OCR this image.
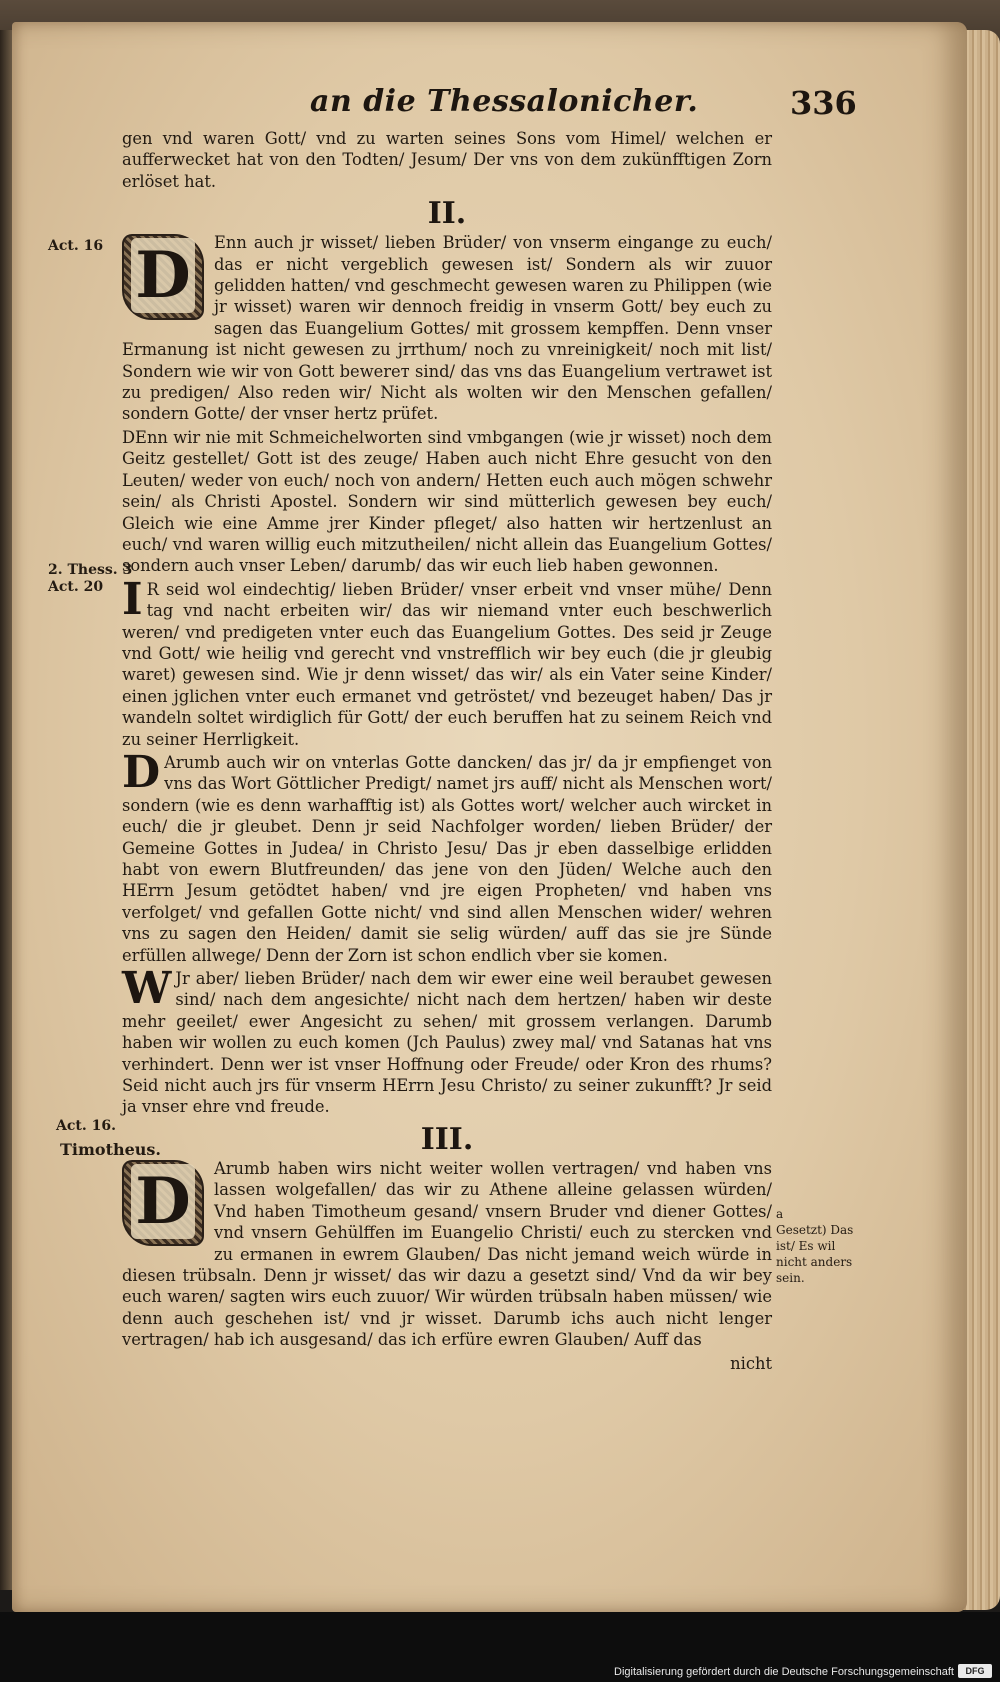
an die Thessalonicher.	336

gen vnd waren Gott/ vnd zu warten seines Sons vom Himel/ welchen er aufferwecket hat von den Todten/ Jesum/ Der vns von dem zukünfftigen Zorn erlöset hat.

II.

D	Enn auch jr wisset/ lieben Brüder/ von vnserm eingange zu euch/ das er nicht vergeblich gewesen ist/ Sondern als wir zuuor gelidden hatten/ vnd geschmecht gewesen waren zu Philippen (wie jr wisset) waren wir dennoch freidig in vnserm Gott/ bey euch zu sagen das Euangelium Gottes/ mit grossem kempffen. Denn vnser Ermanung ist nicht gewesen zu jrrthum/ noch zu vnreinigkeit/ noch mit list/ Sondern wie wir von Gott bewerет sind/ das vns das Euangelium vertrawet ist zu predigen/ Also reden wir/ Nicht als wolten wir den Menschen gefallen/ sondern Gotte/ der vnser hertz prüfet.

DEnn wir nie mit Schmeichelworten sind vmbgangen (wie jr wisset) noch dem Geitz gestellet/ Gott ist des zeuge/ Haben auch nicht Ehre gesucht von den Leuten/ weder von euch/ noch von andern/ Hetten euch auch mögen schwehr sein/ als Christi Apostel. Sondern wir sind mütterlich gewesen bey euch/ Gleich wie eine Amme jrer Kinder pfleget/ also hatten wir hertzenlust an euch/ vnd waren willig euch mitzutheilen/ nicht allein das Euangelium Gottes/ sondern auch vnser Leben/ darumb/ das wir euch lieb haben gewonnen.

I R seid wol eindechtig/ lieben Brüder/ vnser erbeit vnd vnser mühe/ Denn tag vnd nacht erbeiten wir/ das wir niemand vnter euch beschwerlich weren/ vnd predigeten vnter euch das Euangelium Gottes. Des seid jr Zeuge vnd Gott/ wie heilig vnd gerecht vnd vnstrefflich wir bey euch (die jr gleubig waret) gewesen sind. Wie jr denn wisset/ das wir/ als ein Vater seine Kinder/ einen jglichen vnter euch ermanet vnd getröstet/ vnd bezeuget haben/ Das jr wandeln soltet wirdiglich für Gott/ der euch beruffen hat zu seinem Reich vnd zu seiner Herrligkeit.

D Arumb auch wir on vnterlas Gotte dancken/ das jr/ da jr empfienget von vns das Wort Göttlicher Predigt/ namet jrs auff/ nicht als Menschen wort/ sondern (wie es denn warhafftig ist) als Gottes wort/ welcher auch wircket in euch/ die jr gleubet. Denn jr seid Nachfolger worden/ lieben Brüder/ der Gemeine Gottes in Judea/ in Christo Jesu/ Das jr eben dasselbige erlidden habt von ewern Blutfreunden/ das jene von den Jüden/ Welche auch den HErrn Jesum getödtet haben/ vnd jre eigen Propheten/ vnd haben vns verfolget/ vnd gefallen Gotte nicht/ vnd sind allen Menschen wider/ wehren vns zu sagen den Heiden/ damit sie selig würden/ auff das sie jre Sünde erfüllen allwege/ Denn der Zorn ist schon endlich vber sie komen.

W Jr aber/ lieben Brüder/ nach dem wir ewer eine weil beraubet gewesen sind/ nach dem angesichte/ nicht nach dem hertzen/ haben wir deste mehr geeilet/ ewer Angesicht zu sehen/ mit grossem verlangen. Darumb haben wir wollen zu euch komen (Jch Paulus) zwey mal/ vnd Satanas hat vns verhindert. Denn wer ist vnser Hoffnung oder Freude/ oder Kron des rhums? Seid nicht auch jrs für vnserm HErrn Jesu Christo/ zu seiner zukunfft? Jr seid ja vnser ehre vnd freude.

III.

D	Arumb haben wirs nicht weiter wollen vertragen/ vnd haben vns lassen wolgefallen/ das wir zu Athene alleine gelassen würden/ Vnd haben Timotheum gesand/ vnsern Bruder vnd diener Gottes/ vnd vnsern Gehülffen im Euangelio Christi/ euch zu stercken vnd zu ermanen in ewrem Glauben/ Das nicht jemand weich würde in diesen trübsaln. Denn jr wisset/ das wir dazu a gesetzt sind/ Vnd da wir bey euch waren/ sagten wirs euch zuuor/ Wir würden trübsaln haben müssen/ wie denn auch geschehen ist/ vnd jr wisset. Darumb ichs auch nicht lenger vertragen/ hab ich ausgesand/ das ich erfüre ewren Glauben/ Auff das

nicht

Act. 16
2. Thess. 3
Act. 20
Act. 16.
Timotheus.
a
Gesetzt) Das ist/ Es wil nicht anders sein.
Digitalisierung gefördert durch die Deutsche Forschungsgemeinschaft	DFG
